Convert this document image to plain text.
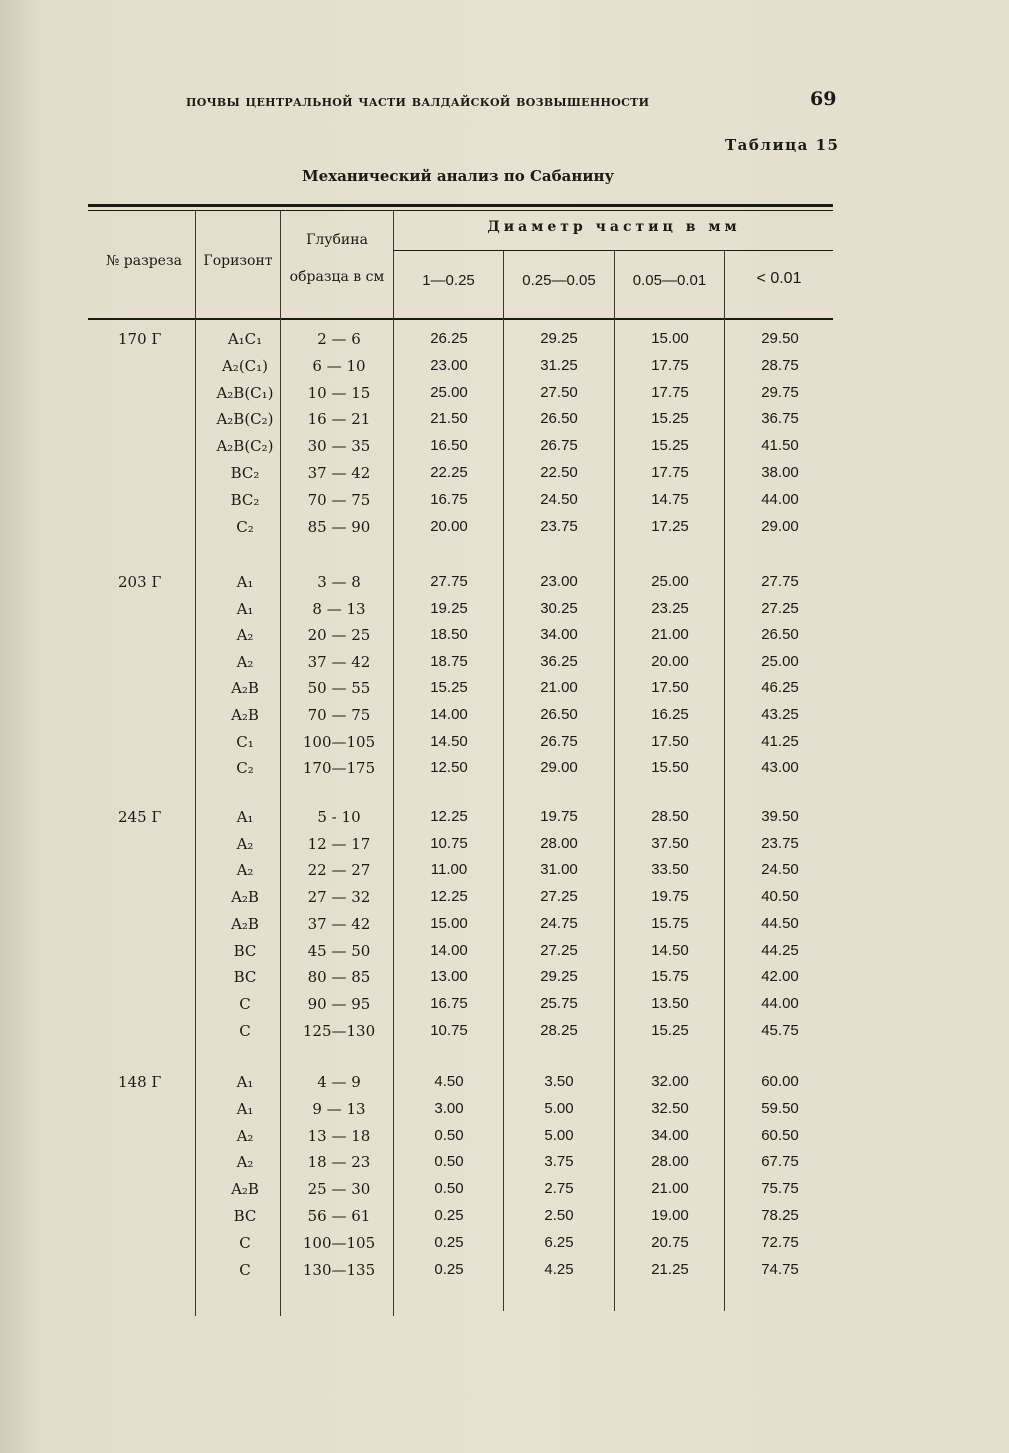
почвы центральной части валдайской возвышенности	69
Таблица 15
Механический анализ по Сабанину
№ разреза	Горизонт
Глубина
образца в см
Диаметр частиц в мм
1—0.25	0.25—0.05	0.05—0.01	< 0.01
170 Г	A₁C₁	2 — 6	26.25	29.25	15.00	29.50
A₂(C₁)	6 — 10	23.00	31.25	17.75	28.75
A₂B(C₁)	10 — 15	25.00	27.50	17.75	29.75
A₂B(C₂)	16 — 21	21.50	26.50	15.25	36.75
A₂B(C₂)	30 — 35	16.50	26.75	15.25	41.50
BC₂	37 — 42	22.25	22.50	17.75	38.00
BC₂	70 — 75	16.75	24.50	14.75	44.00
C₂	85 — 90	20.00	23.75	17.25	29.00
203 Г	A₁	3 — 8	27.75	23.00	25.00	27.75
A₁	8 — 13	19.25	30.25	23.25	27.25
A₂	20 — 25	18.50	34.00	21.00	26.50
A₂	37 — 42	18.75	36.25	20.00	25.00
A₂B	50 — 55	15.25	21.00	17.50	46.25
A₂B	70 — 75	14.00	26.50	16.25	43.25
C₁	100—105	14.50	26.75	17.50	41.25
C₂	170—175	12.50	29.00	15.50	43.00
245 Г	A₁	5 - 10	12.25	19.75	28.50	39.50
A₂	12 — 17	10.75	28.00	37.50	23.75
A₂	22 — 27	11.00	31.00	33.50	24.50
A₂B	27 — 32	12.25	27.25	19.75	40.50
A₂B	37 — 42	15.00	24.75	15.75	44.50
BC	45 — 50	14.00	27.25	14.50	44.25
BC	80 — 85	13.00	29.25	15.75	42.00
C	90 — 95	16.75	25.75	13.50	44.00
C	125—130	10.75	28.25	15.25	45.75
148 Г	A₁	4 — 9	4.50	3.50	32.00	60.00
A₁	9 — 13	3.00	5.00	32.50	59.50
A₂	13 — 18	0.50	5.00	34.00	60.50
A₂	18 — 23	0.50	3.75	28.00	67.75
A₂B	25 — 30	0.50	2.75	21.00	75.75
BC	56 — 61	0.25	2.50	19.00	78.25
C	100—105	0.25	6.25	20.75	72.75
C	130—135	0.25	4.25	21.25	74.75
